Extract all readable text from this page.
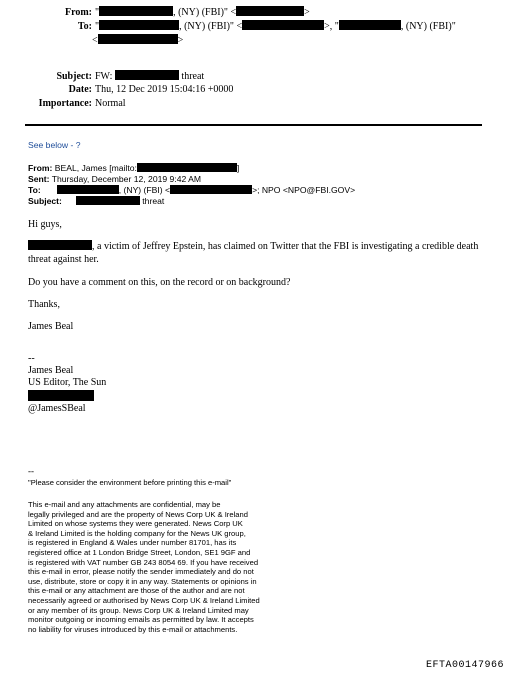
From: "	, (NY) (FBI)" <	>
To: "	, (NY) (FBI)" <	>, "	, (NY) (FBI)"
<	>
Subject: FW:	threat
Date: Thu, 12 Dec 2019 15:04:16 +0000
Importance: Normal
See below - ?
From: BEAL, James [mailto:	]
Sent: Thursday, December 12, 2019 9:42 AM
To:	, (NY) (FBI) <	>; NPO <NPO@FBI.GOV>
Subject:	threat
Hi guys,
, a victim of Jeffrey Epstein, has claimed on Twitter that the FBI is investigating a credible death
threat against her.
Do you have a comment on this, on the record or on background?
Thanks,
James Beal
--
James Beal
US Editor, The Sun
@JamesSBeal
--
"Please consider the environment before printing this e-mail"
This e-mail and any attachments are confidential, may be
legally privileged and are the property of News Corp UK & Ireland
Limited on whose systems they were generated. News Corp UK
& Ireland Limited is the holding company for the News UK group,
is registered in England & Wales under number 81701, has its
registered office at 1 London Bridge Street, London, SE1 9GF and
is registered with VAT number GB 243 8054 69. If you have received
this e-mail in error, please notify the sender immediately and do not
use, distribute, store or copy it in any way. Statements or opinions in
this e-mail or any attachment are those of the author and are not
necessarily agreed or authorised by News Corp UK & Ireland Limited
or any member of its group. News Corp UK & Ireland Limited may
monitor outgoing or incoming emails as permitted by law. It accepts
no liability for viruses introduced by this e-mail or attachments.
EFTA00147966
